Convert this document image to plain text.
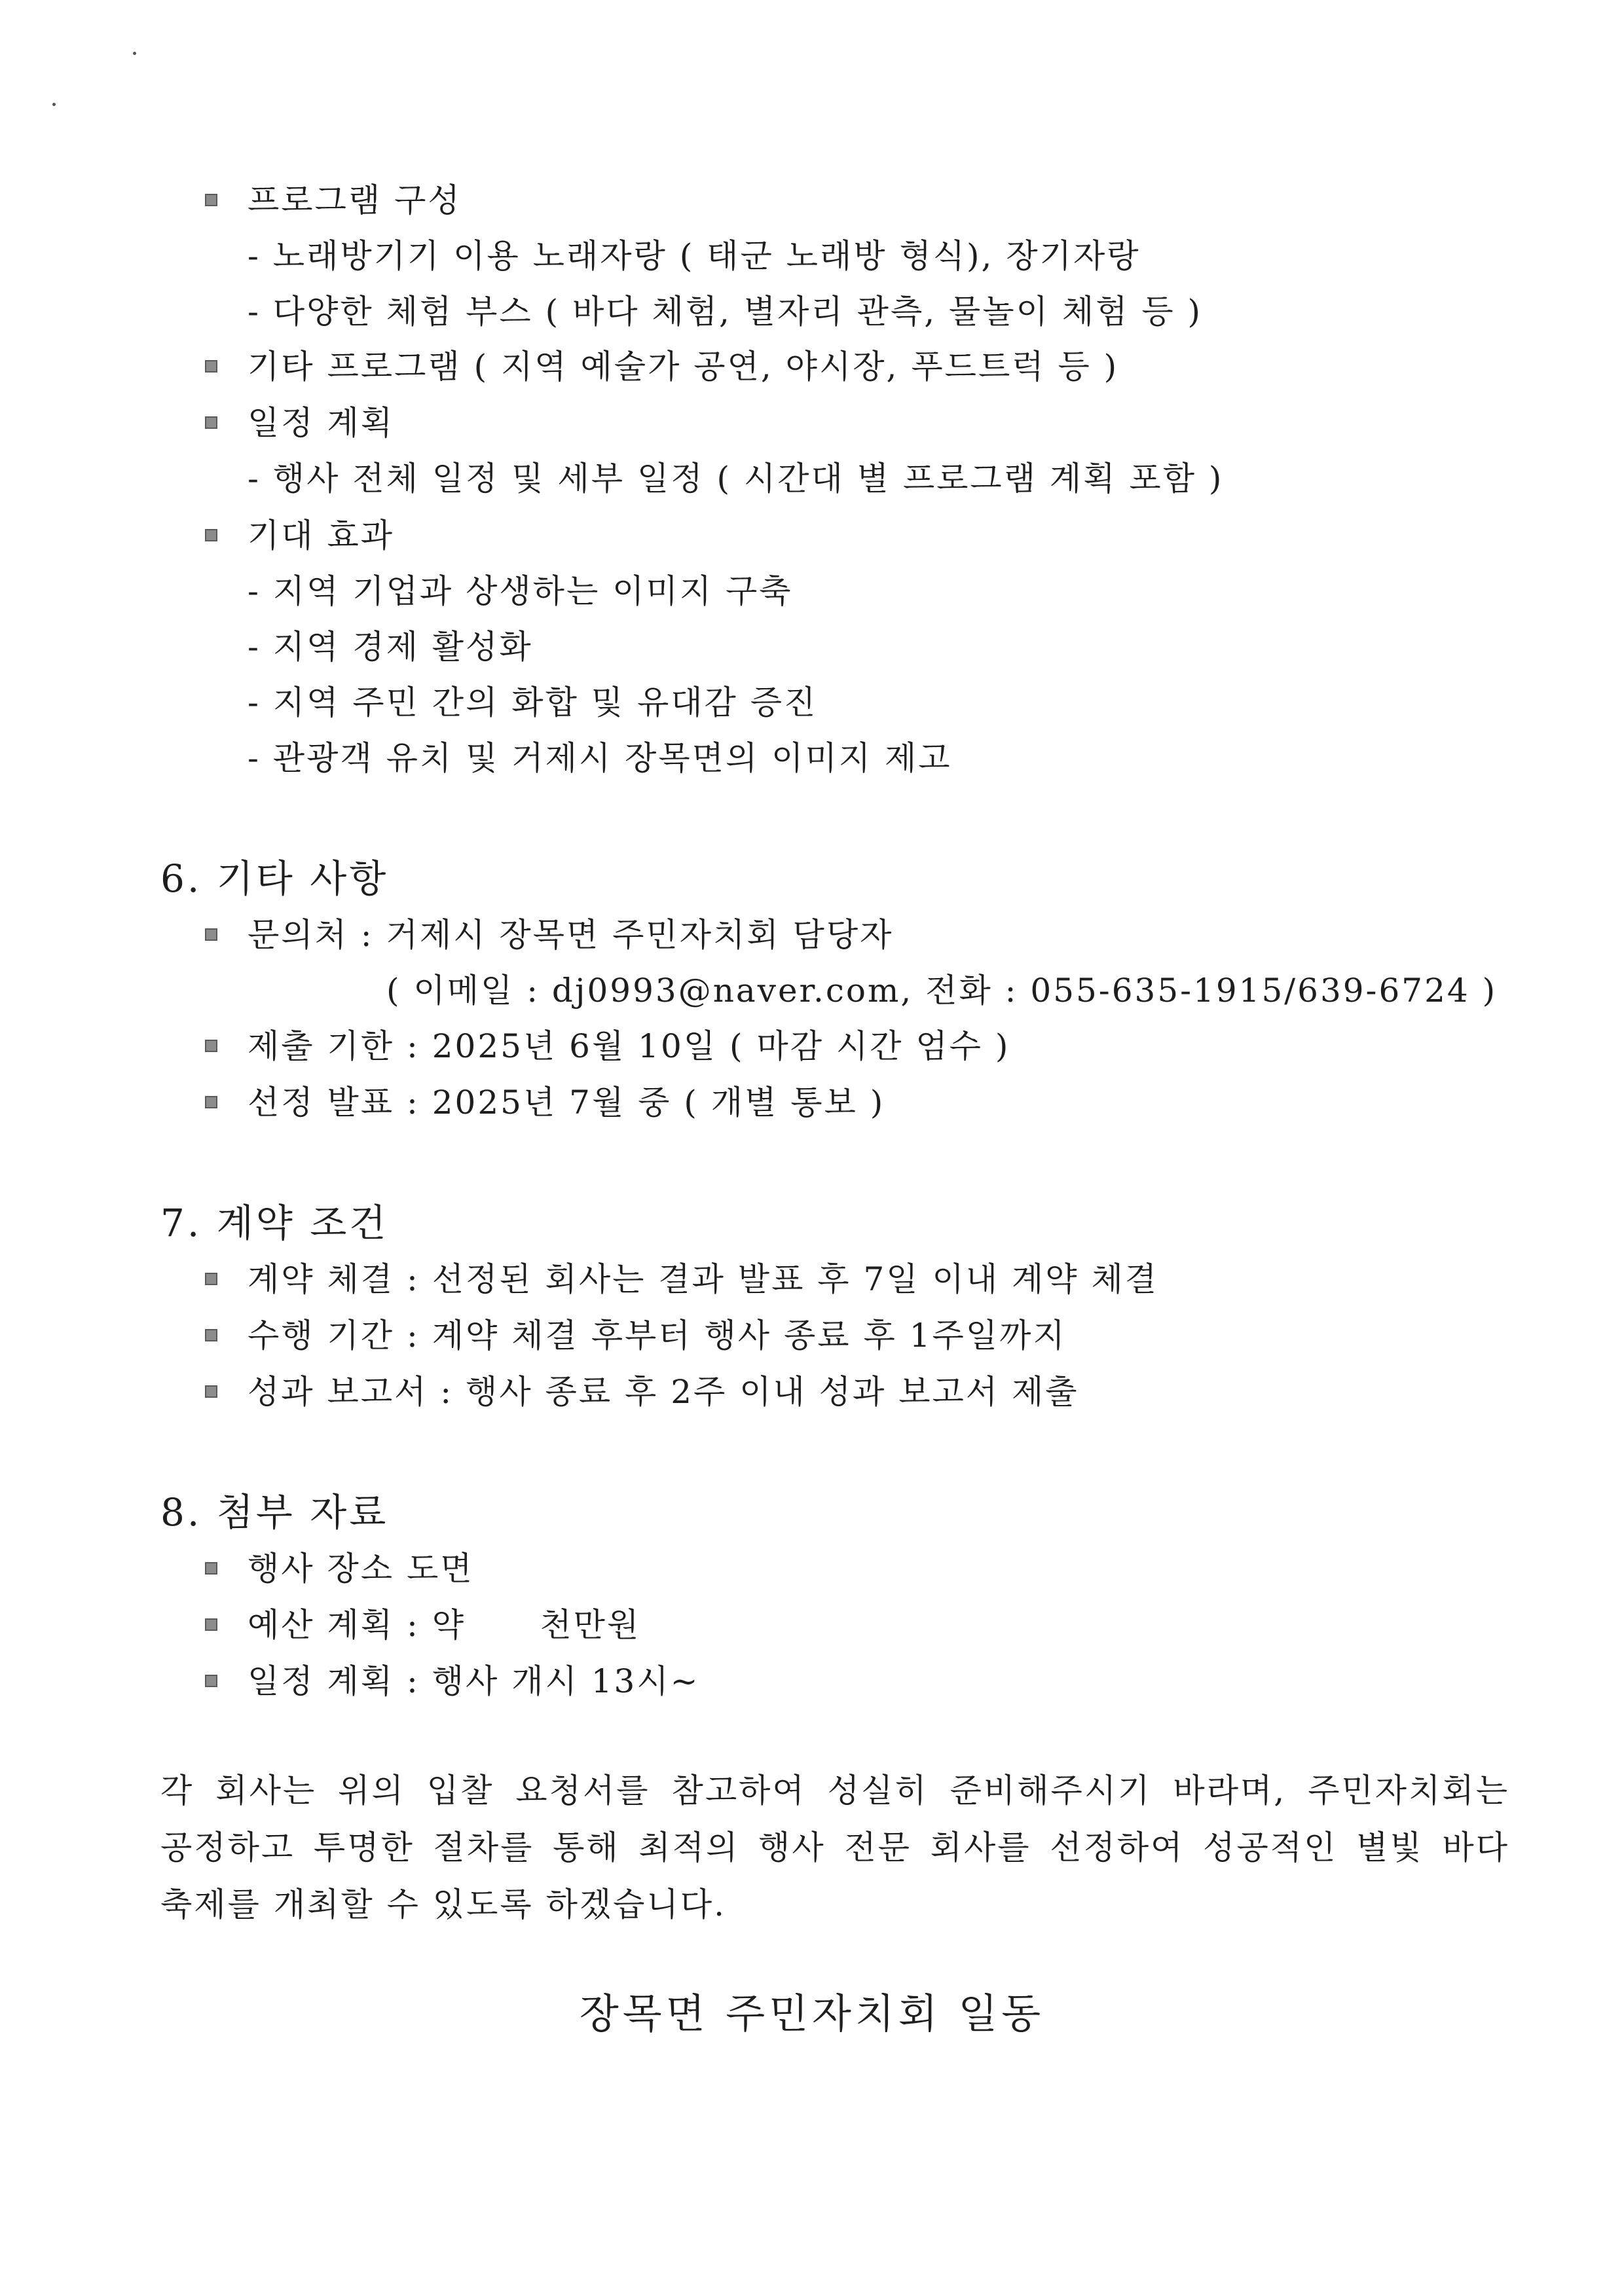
프로그램 구성
- 노래방기기 이용 노래자랑 ( 태군 노래방 형식), 장기자랑
- 다양한 체험 부스 ( 바다 체험, 별자리 관측, 물놀이 체험 등 )
기타 프로그램 ( 지역 예술가 공연, 야시장, 푸드트럭 등 )
일정 계획
- 행사 전체 일정 및 세부 일정 ( 시간대 별 프로그램 계획 포함 )
기대 효과
- 지역 기업과 상생하는 이미지 구축
- 지역 경제 활성화
- 지역 주민 간의 화합 및 유대감 증진
- 관광객 유치 및 거제시 장목면의 이미지 제고
6. 기타 사항
문의처 : 거제시 장목면 주민자치회 담당자
( 이메일 : dj0993@naver.com, 전화 : 055-635-1915/639-6724 )
제출 기한 : 2025년 6월 10일 ( 마감 시간 엄수 )
선정 발표 : 2025년 7월 중 ( 개별 통보 )
7. 계약 조건
계약 체결 : 선정된 회사는 결과 발표 후 7일 이내 계약 체결
수행 기간 : 계약 체결 후부터 행사 종료 후 1주일까지
성과 보고서 : 행사 종료 후 2주 이내 성과 보고서 제출
8. 첨부 자료
행사 장소 도면
예산 계획 : 약      천만원
일정 계획 : 행사 개시 13시~
각 회사는 위의 입찰 요청서를 참고하여 성실히 준비해주시기 바라며, 주민자치회는 공정하고 투명한 절차를 통해 최적의 행사 전문 회사를 선정하여 성공적인 별빛 바다 축제를 개최할 수 있도록 하겠습니다.
장목면 주민자치회 일동
